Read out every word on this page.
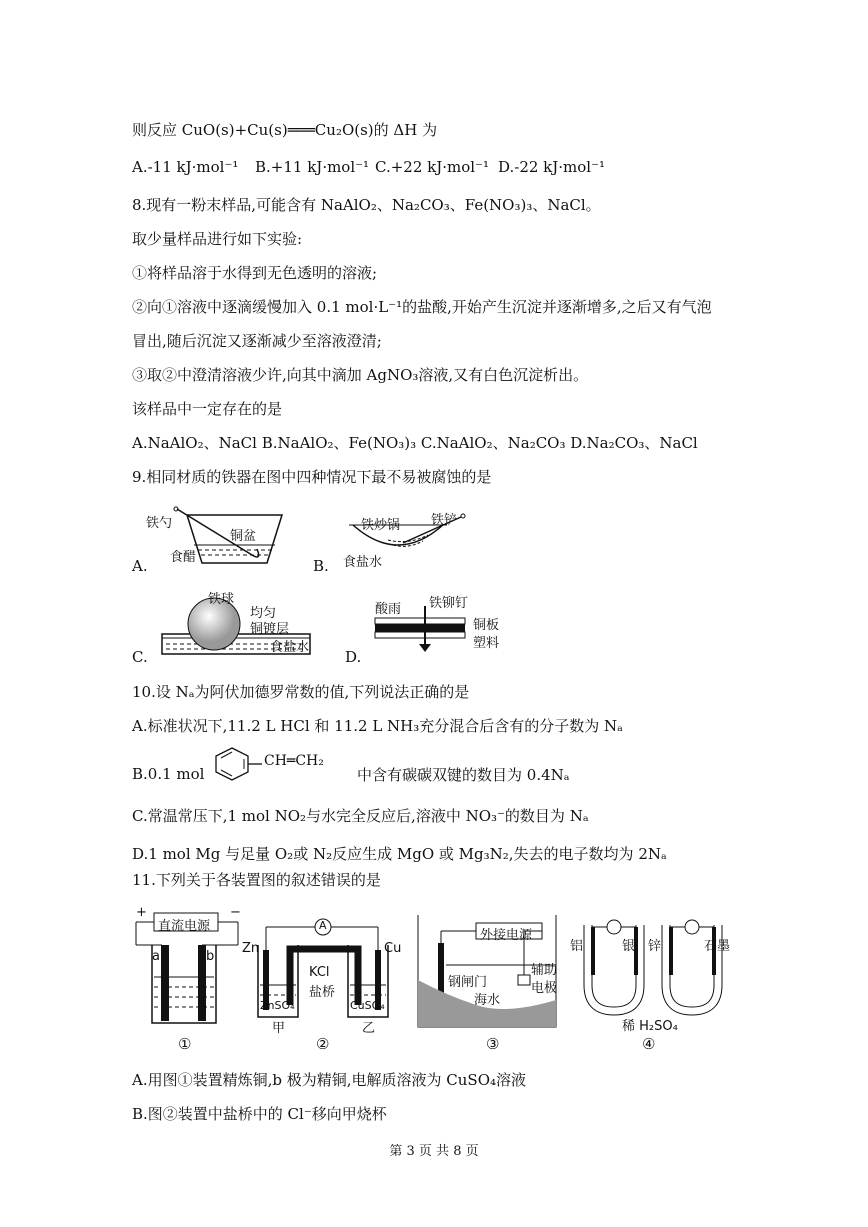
则反应 CuO(s)+Cu(s)═══Cu₂O(s)的 ΔH 为
A.-11 kJ·mol⁻¹ B.+11 kJ·mol⁻¹ C.+22 kJ·mol⁻¹ D.-22 kJ·mol⁻¹
8.现有一粉末样品,可能含有 NaAlO₂、Na₂CO₃、Fe(NO₃)₃、NaCl。
取少量样品进行如下实验:
①将样品溶于水得到无色透明的溶液;
②向①溶液中逐滴缓慢加入 0.1 mol·L⁻¹的盐酸,开始产生沉淀并逐渐增多,之后又有气泡
冒出,随后沉淀又逐渐减少至溶液澄清;
③取②中澄清溶液少许,向其中滴加 AgNO₃溶液,又有白色沉淀析出。
该样品中一定存在的是
A.NaAlO₂、NaCl B.NaAlO₂、Fe(NO₃)₃ C.NaAlO₂、Na₂CO₃ D.Na₂CO₃、NaCl
9.相同材质的铁器在图中四种情况下最不易被腐蚀的是
铁勺
铜盆
食醋
A.
铁炒锅 铁铲
食盐水
B.
铁球
均匀
铜镀层
食盐水
C.
酸雨 铁铆钉
铜板
塑料
D.
10.设 Nₐ为阿伏加德罗常数的值,下列说法正确的是
A.标准状况下,11.2 L HCl 和 11.2 L NH₃充分混合后含有的分子数为 Nₐ
B.0.1 mol
CH═CH₂
中含有碳碳双键的数目为 0.4Nₐ
C.常温常压下,1 mol NO₂与水完全反应后,溶液中 NO₃⁻的数目为 Nₐ
D.1 mol Mg 与足量 O₂或 N₂反应生成 MgO 或 Mg₃N₂,失去的电子数均为 2Nₐ
11.下列关于各装置图的叙述错误的是
直流电源
+	−
a	b
A
Zn	Cu
KCl
盐桥
ZnSO₄	CuSO₄
甲	乙
外接电源
钢闸门
海水
辅助
电极
铝	银 锌	石墨
稀 H₂SO₄
①	②	③	④
A.用图①装置精炼铜,b 极为精铜,电解质溶液为 CuSO₄溶液
B.图②装置中盐桥中的 Cl⁻移向甲烧杯
第 3 页 共 8 页
